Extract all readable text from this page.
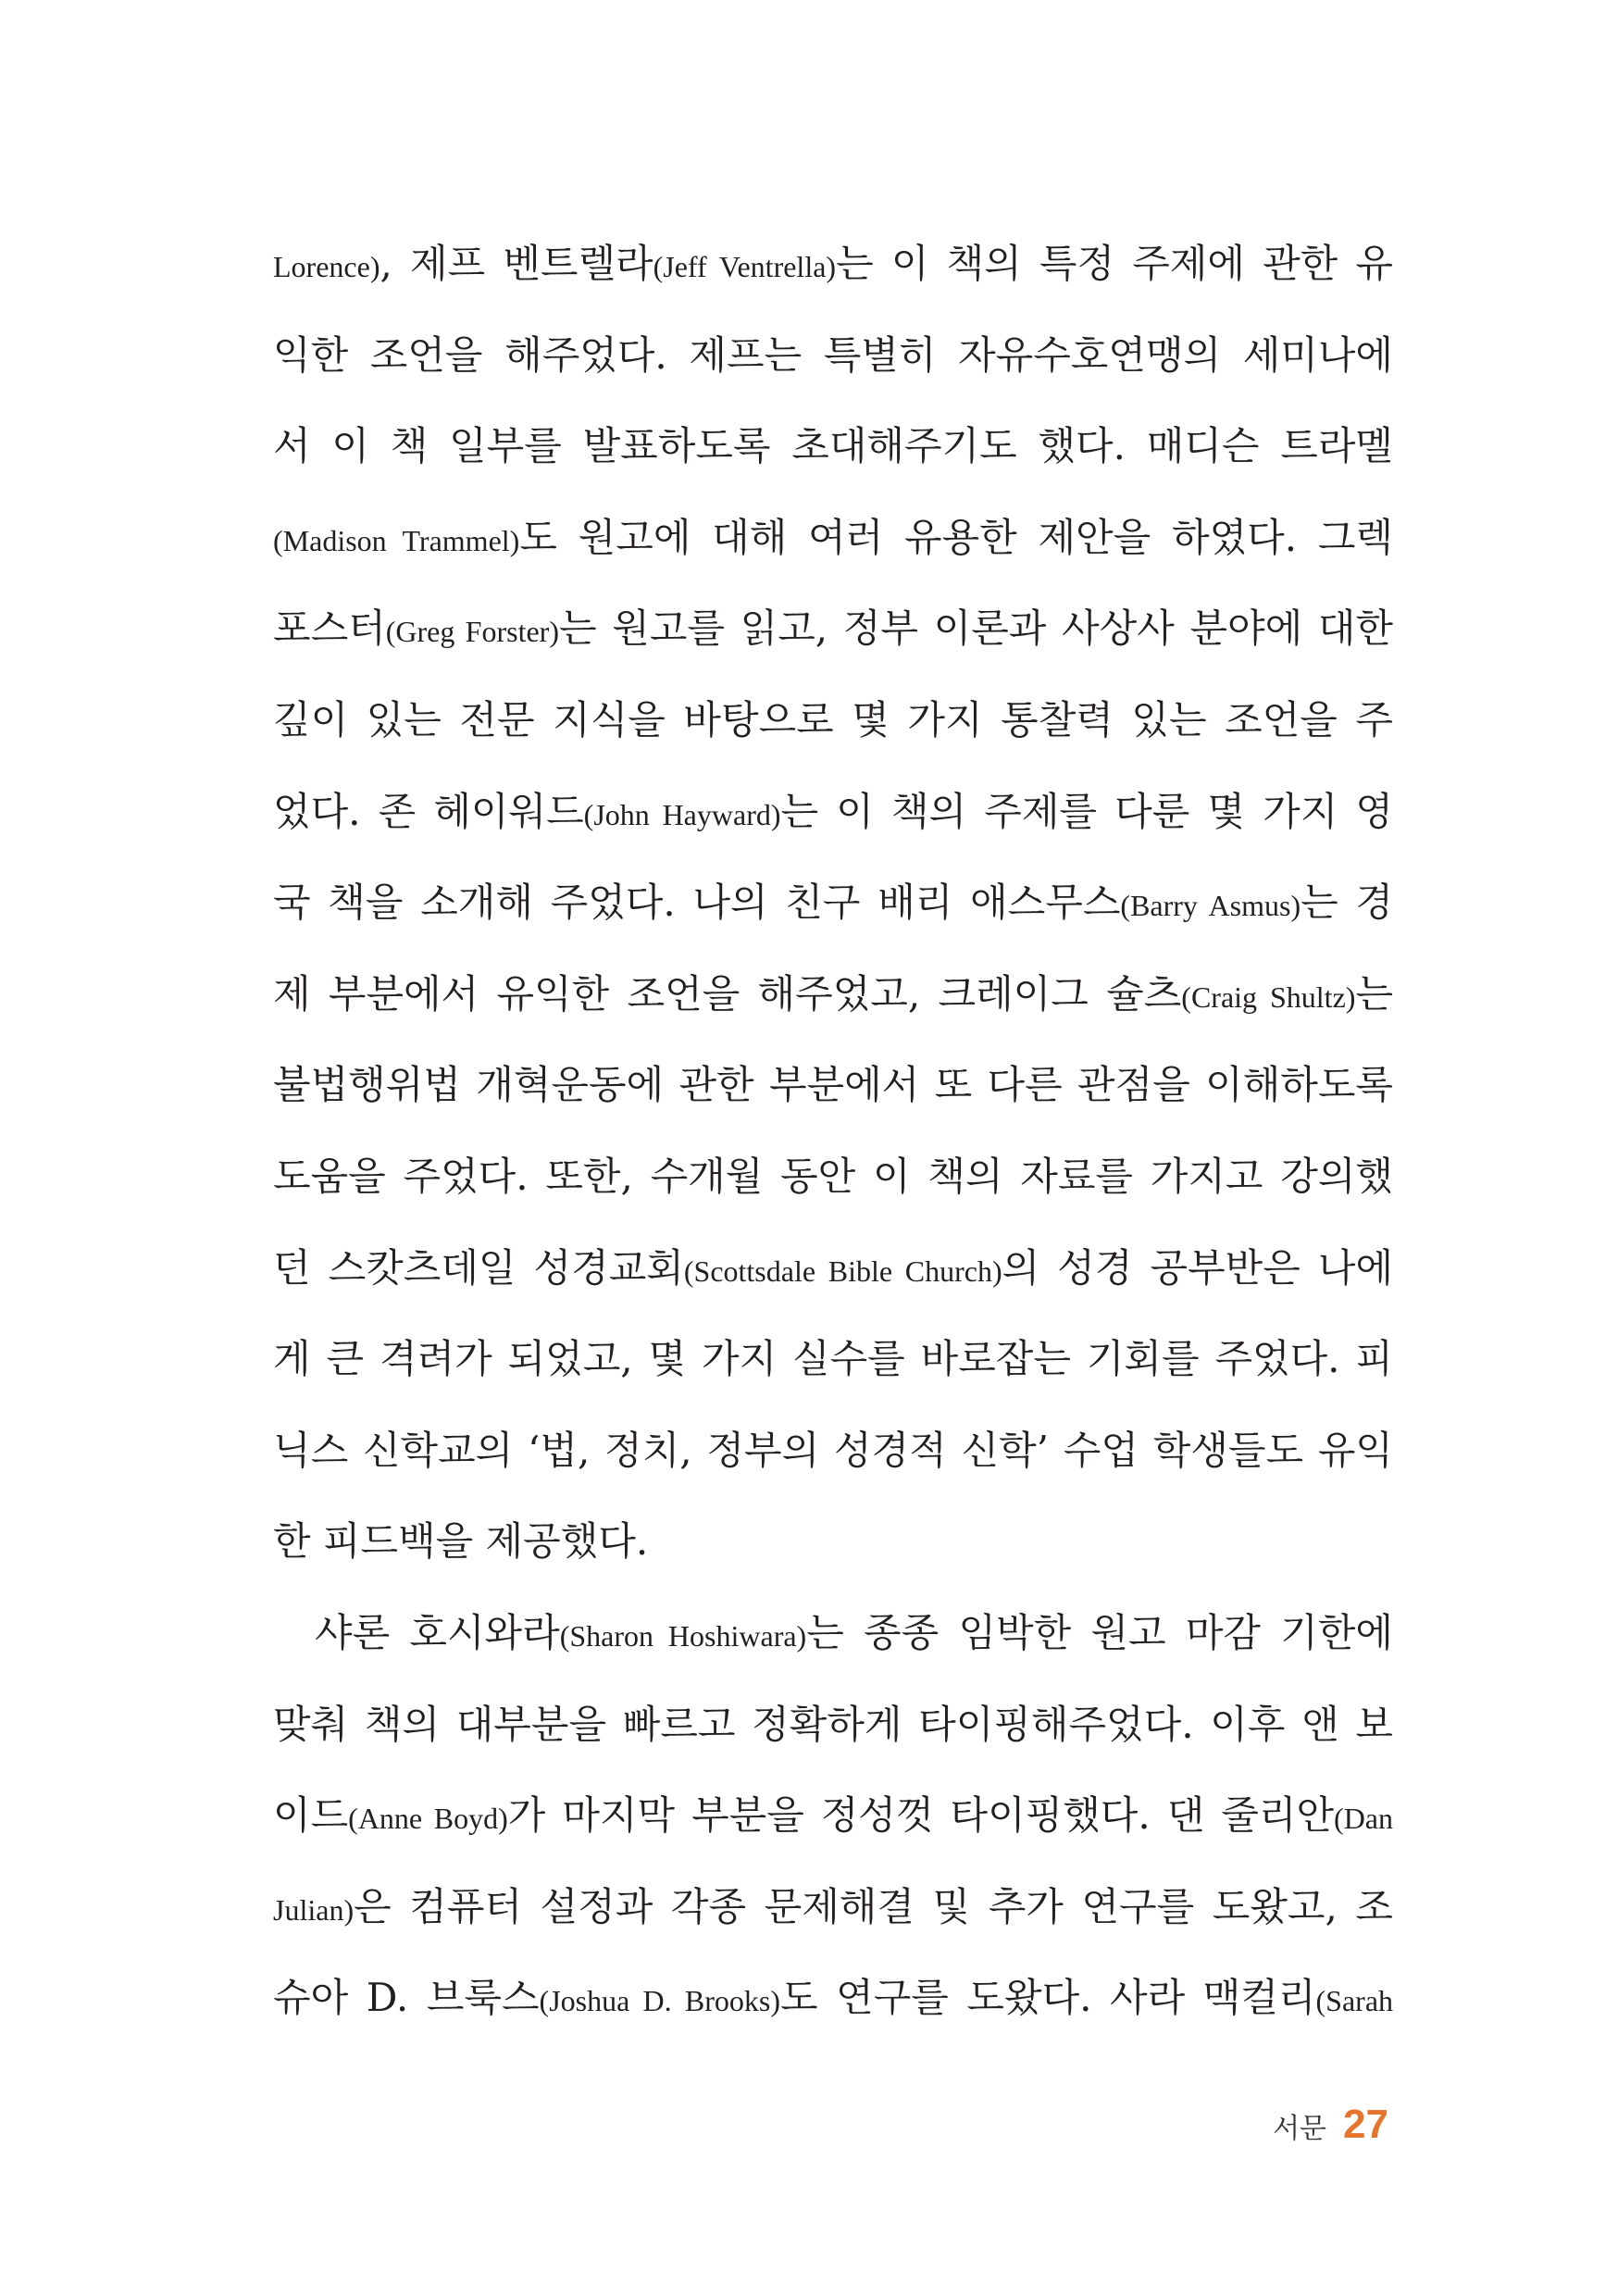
Lorence), 제프 벤트렐라(Jeff Ventrella)는 이 책의 특정 주제에 관한 유
익한 조언을 해주었다. 제프는 특별히 자유수호연맹의 세미나에
서 이 책 일부를 발표하도록 초대해주기도 했다. 매디슨 트라멜
(Madison Trammel)도 원고에 대해 여러 유용한 제안을 하였다. 그렉
포스터(Greg Forster)는 원고를 읽고, 정부 이론과 사상사 분야에 대한
깊이 있는 전문 지식을 바탕으로 몇 가지 통찰력 있는 조언을 주
었다. 존 헤이워드(John Hayward)는 이 책의 주제를 다룬 몇 가지 영
국 책을 소개해 주었다. 나의 친구 배리 애스무스(Barry Asmus)는 경
제 부분에서 유익한 조언을 해주었고, 크레이그 슐츠(Craig Shultz)는
불법행위법 개혁운동에 관한 부분에서 또 다른 관점을 이해하도록
도움을 주었다. 또한, 수개월 동안 이 책의 자료를 가지고 강의했
던 스캇츠데일 성경교회(Scottsdale Bible Church)의 성경 공부반은 나에
게 큰 격려가 되었고, 몇 가지 실수를 바로잡는 기회를 주었다. 피
닉스 신학교의 ‘법, 정치, 정부의 성경적 신학’ 수업 학생들도 유익
한 피드백을 제공했다.
샤론 호시와라(Sharon Hoshiwara)는 종종 임박한 원고 마감 기한에
맞춰 책의 대부분을 빠르고 정확하게 타이핑해주었다. 이후 앤 보
이드(Anne Boyd)가 마지막 부분을 정성껏 타이핑했다. 댄 줄리안(Dan
Julian)은 컴퓨터 설정과 각종 문제해결 및 추가 연구를 도왔고, 조
슈아 D. 브룩스(Joshua D. Brooks)도 연구를 도왔다. 사라 맥컬리(Sarah
서문 27
